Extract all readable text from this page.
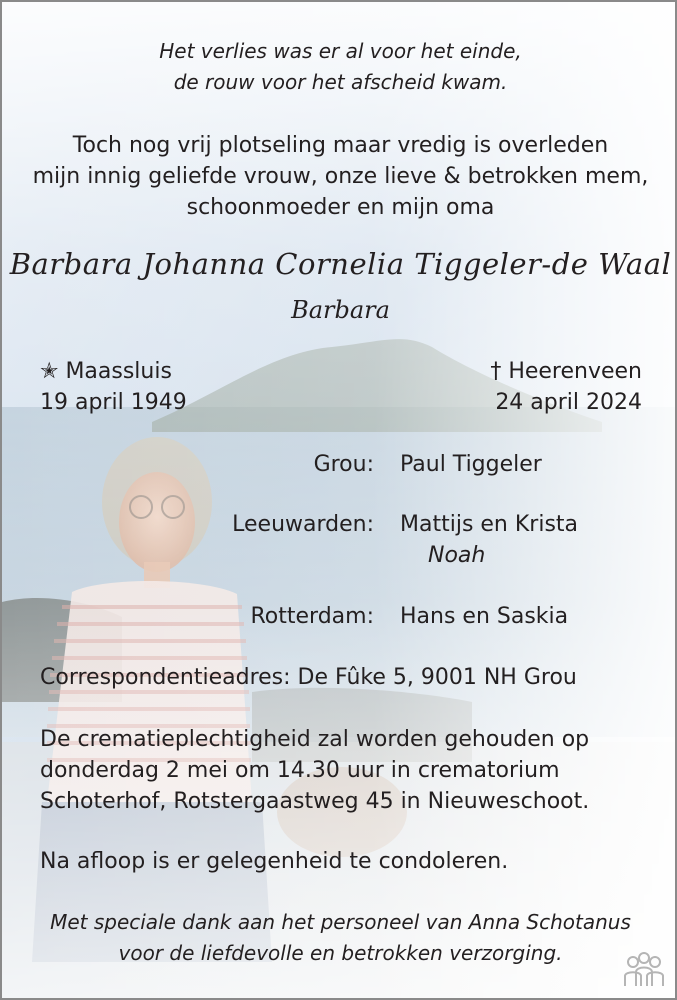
Het verlies was er al voor het einde,
de rouw voor het afscheid kwam.
Toch nog vrij plotseling maar vredig is overleden
mijn innig geliefde vrouw, onze lieve & betrokken mem,
schoonmoeder en mijn oma
Barbara Johanna Cornelia Tiggeler-de Waal
Barbara
✭ Maassluis
19 april 1949
† Heerenveen
24 april 2024
Grou: Paul Tiggeler
Leeuwarden: Mattijs en Krista
Noah
Rotterdam: Hans en Saskia
Correspondentieadres: De Fûke 5, 9001 NH Grou
De crematieplechtigheid zal worden gehouden op
donderdag 2 mei om 14.30 uur in crematorium
Schoterhof, Rotstergaastweg 45 in Nieuweschoot.
Na afloop is er gelegenheid te condoleren.
Met speciale dank aan het personeel van Anna Schotanus
voor de liefdevolle en betrokken verzorging.
